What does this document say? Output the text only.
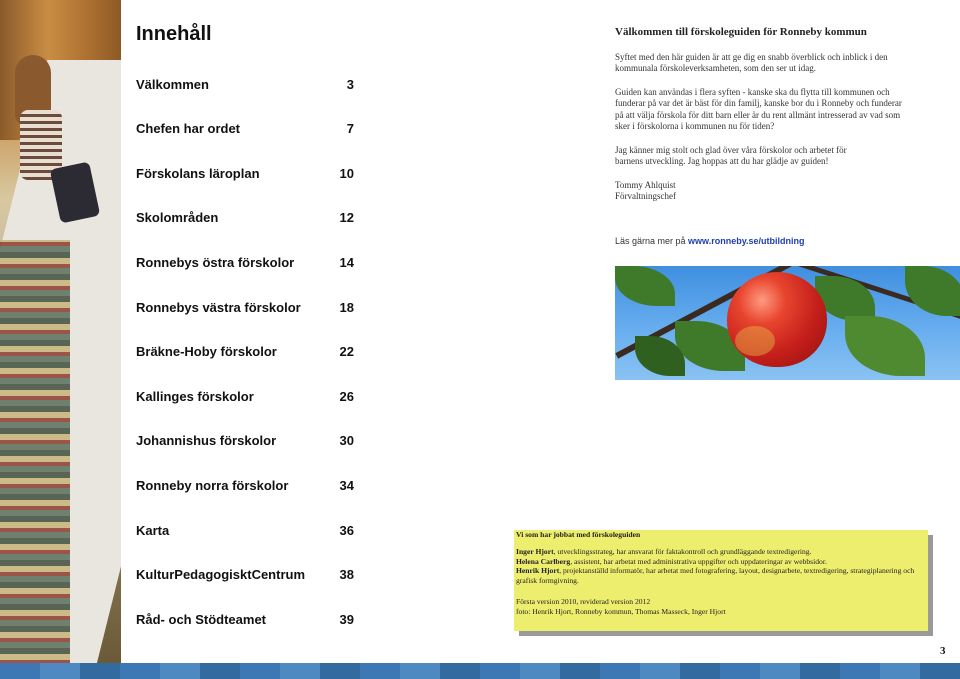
Innehåll
Välkommen	3
Chefen har ordet	7
Förskolans läroplan	10
Skolområden	12
Ronnebys östra förskolor	14
Ronnebys västra förskolor	18
Bräkne-Hoby förskolor	22
Kallinges förskolor	26
Johannishus förskolor	30
Ronneby norra förskolor	34
Karta	36
KulturPedagogisktCentrum	38
Råd- och Stödteamet	39
Välkommen till förskoleguiden för Ronneby kommun
Syftet med den här guiden är att ge dig en snabb överblick och inblick i den
kommunala förskoleverksamheten, som den ser ut idag.
Guiden kan användas i flera syften - kanske ska du flytta till kommunen och
funderar på var det är bäst för din familj, kanske bor du i Ronneby och funderar
på att välja förskola för ditt barn eller är du rent allmänt intresserad av vad som
sker i förskolorna i kommunen nu för tiden?
Jag känner mig stolt och glad över våra förskolor och arbetet för
barnens utveckling. Jag hoppas att du har glädje av guiden!
Tommy Ahlquist
Förvaltningschef
Läs gärna mer på www.ronneby.se/utbildning
Vi som har jobbat med förskoleguiden
Inger Hjort, utvecklingsstrateg, har ansvarat för faktakontroll och grundläggande textredigering.
Helena Carlberg, assistent, har arbetat med administrativa uppgifter och uppdateringar av webbsidor.
Henrik Hjort, projektanställd informatör, har arbetat med fotografering, layout, designarbete, textredigering, strategiplanering och grafisk formgivning.
Första version 2010, reviderad version 2012
foto: Henrik Hjort, Ronneby kommun, Thomas Masseck, Inger Hjort
3
